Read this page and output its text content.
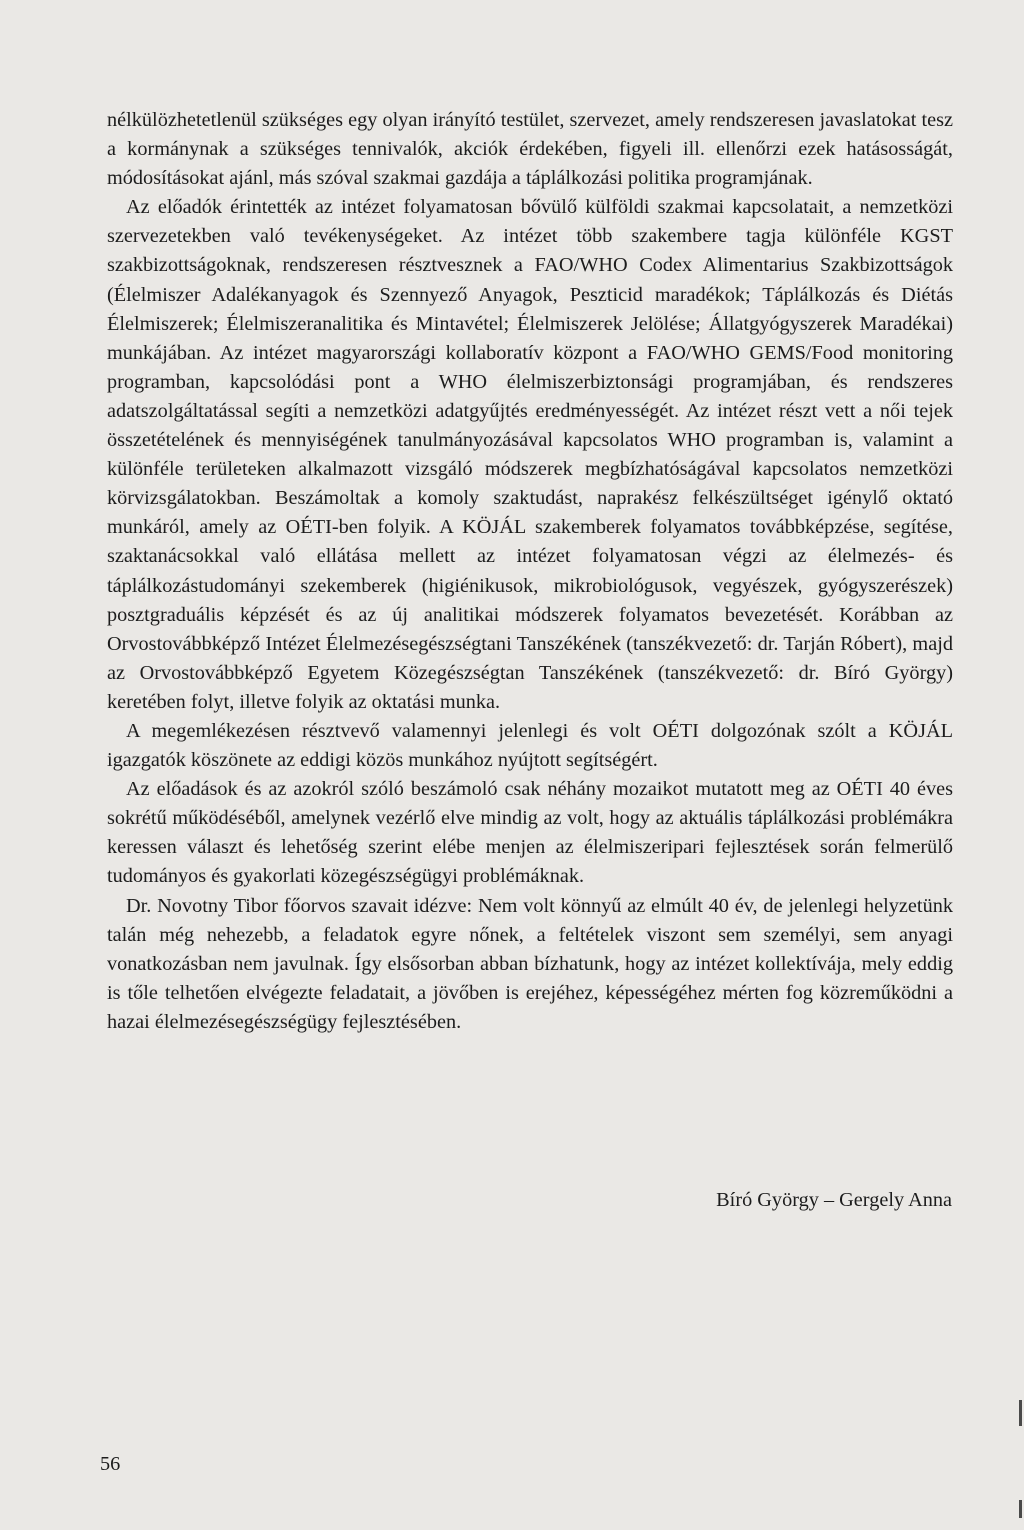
nélkülözhetetlenül szükséges egy olyan irányító testület, szervezet, amely rendszeresen javaslatokat tesz a kormánynak a szükséges tennivalók, akciók érdekében, figyeli ill. ellenőrzi ezek hatásosságát, módosításokat ajánl, más szóval szakmai gazdája a táplálkozási politika programjának.

Az előadók érintették az intézet folyamatosan bővülő külföldi szakmai kapcsolatait, a nemzetközi szervezetekben való tevékenységeket. Az intézet több szakembere tagja különféle KGST szakbizottságoknak, rendszeresen résztvesznek a FAO/WHO Codex Alimentarius Szakbizottságok (Élelmiszer Adalékanyagok és Szennyező Anyagok, Peszticid maradékok; Táplálkozás és Diétás Élelmiszerek; Élelmiszeranalitika és Mintavétel; Élelmiszerek Jelölése; Állatgyógyszerek Maradékai) munkájában. Az intézet magyarországi kollaboratív központ a FAO/WHO GEMS/Food monitoring programban, kapcsolódási pont a WHO élelmiszerbiztonsági programjában, és rendszeres adatszolgáltatással segíti a nemzetközi adatgyűjtés eredményességét. Az intézet részt vett a női tejek összetételének és mennyiségének tanulmányozásával kapcsolatos WHO programban is, valamint a különféle területeken alkalmazott vizsgáló módszerek megbízhatóságával kapcsolatos nemzetközi körvizsgálatokban. Beszámoltak a komoly szaktudást, naprakész felkészültséget igénylő oktató munkáról, amely az OÉTI-ben folyik. A KÖJÁL szakemberek folyamatos továbbképzése, segítése, szaktanácsokkal való ellátása mellett az intézet folyamatosan végzi az élelmezés- és táplálkozástudományi szekemberek (higiénikusok, mikrobiológusok, vegyészek, gyógyszerészek) posztgraduális képzését és az új analitikai módszerek folyamatos bevezetését. Korábban az Orvostovábbképző Intézet Élelmezésegészségtani Tanszékének (tanszékvezető: dr. Tarján Róbert), majd az Orvostovábbképző Egyetem Közegészségtan Tanszékének (tanszékvezető: dr. Bíró György) keretében folyt, illetve folyik az oktatási munka.

A megemlékezésen résztvevő valamennyi jelenlegi és volt OÉTI dolgozónak szólt a KÖJÁL igazgatók köszönete az eddigi közös munkához nyújtott segítségért.

Az előadások és az azokról szóló beszámoló csak néhány mozaikot mutatott meg az OÉTI 40 éves sokrétű működéséből, amelynek vezérlő elve mindig az volt, hogy az aktuális táplálkozási problémákra keressen választ és lehetőség szerint elébe menjen az élelmiszeripari fejlesztések során felmerülő tudományos és gyakorlati közegészségügyi problémáknak.

Dr. Novotny Tibor főorvos szavait idézve: Nem volt könnyű az elmúlt 40 év, de jelenlegi helyzetünk talán még nehezebb, a feladatok egyre nőnek, a feltételek viszont sem személyi, sem anyagi vonatkozásban nem javulnak. Így elsősorban abban bízhatunk, hogy az intézet kollektívája, mely eddig is tőle telhetően elvégezte feladatait, a jövőben is erejéhez, képességéhez mérten fog közreműködni a hazai élelmezésegészségügy fejlesztésében.

Bíró György – Gergely Anna
56
